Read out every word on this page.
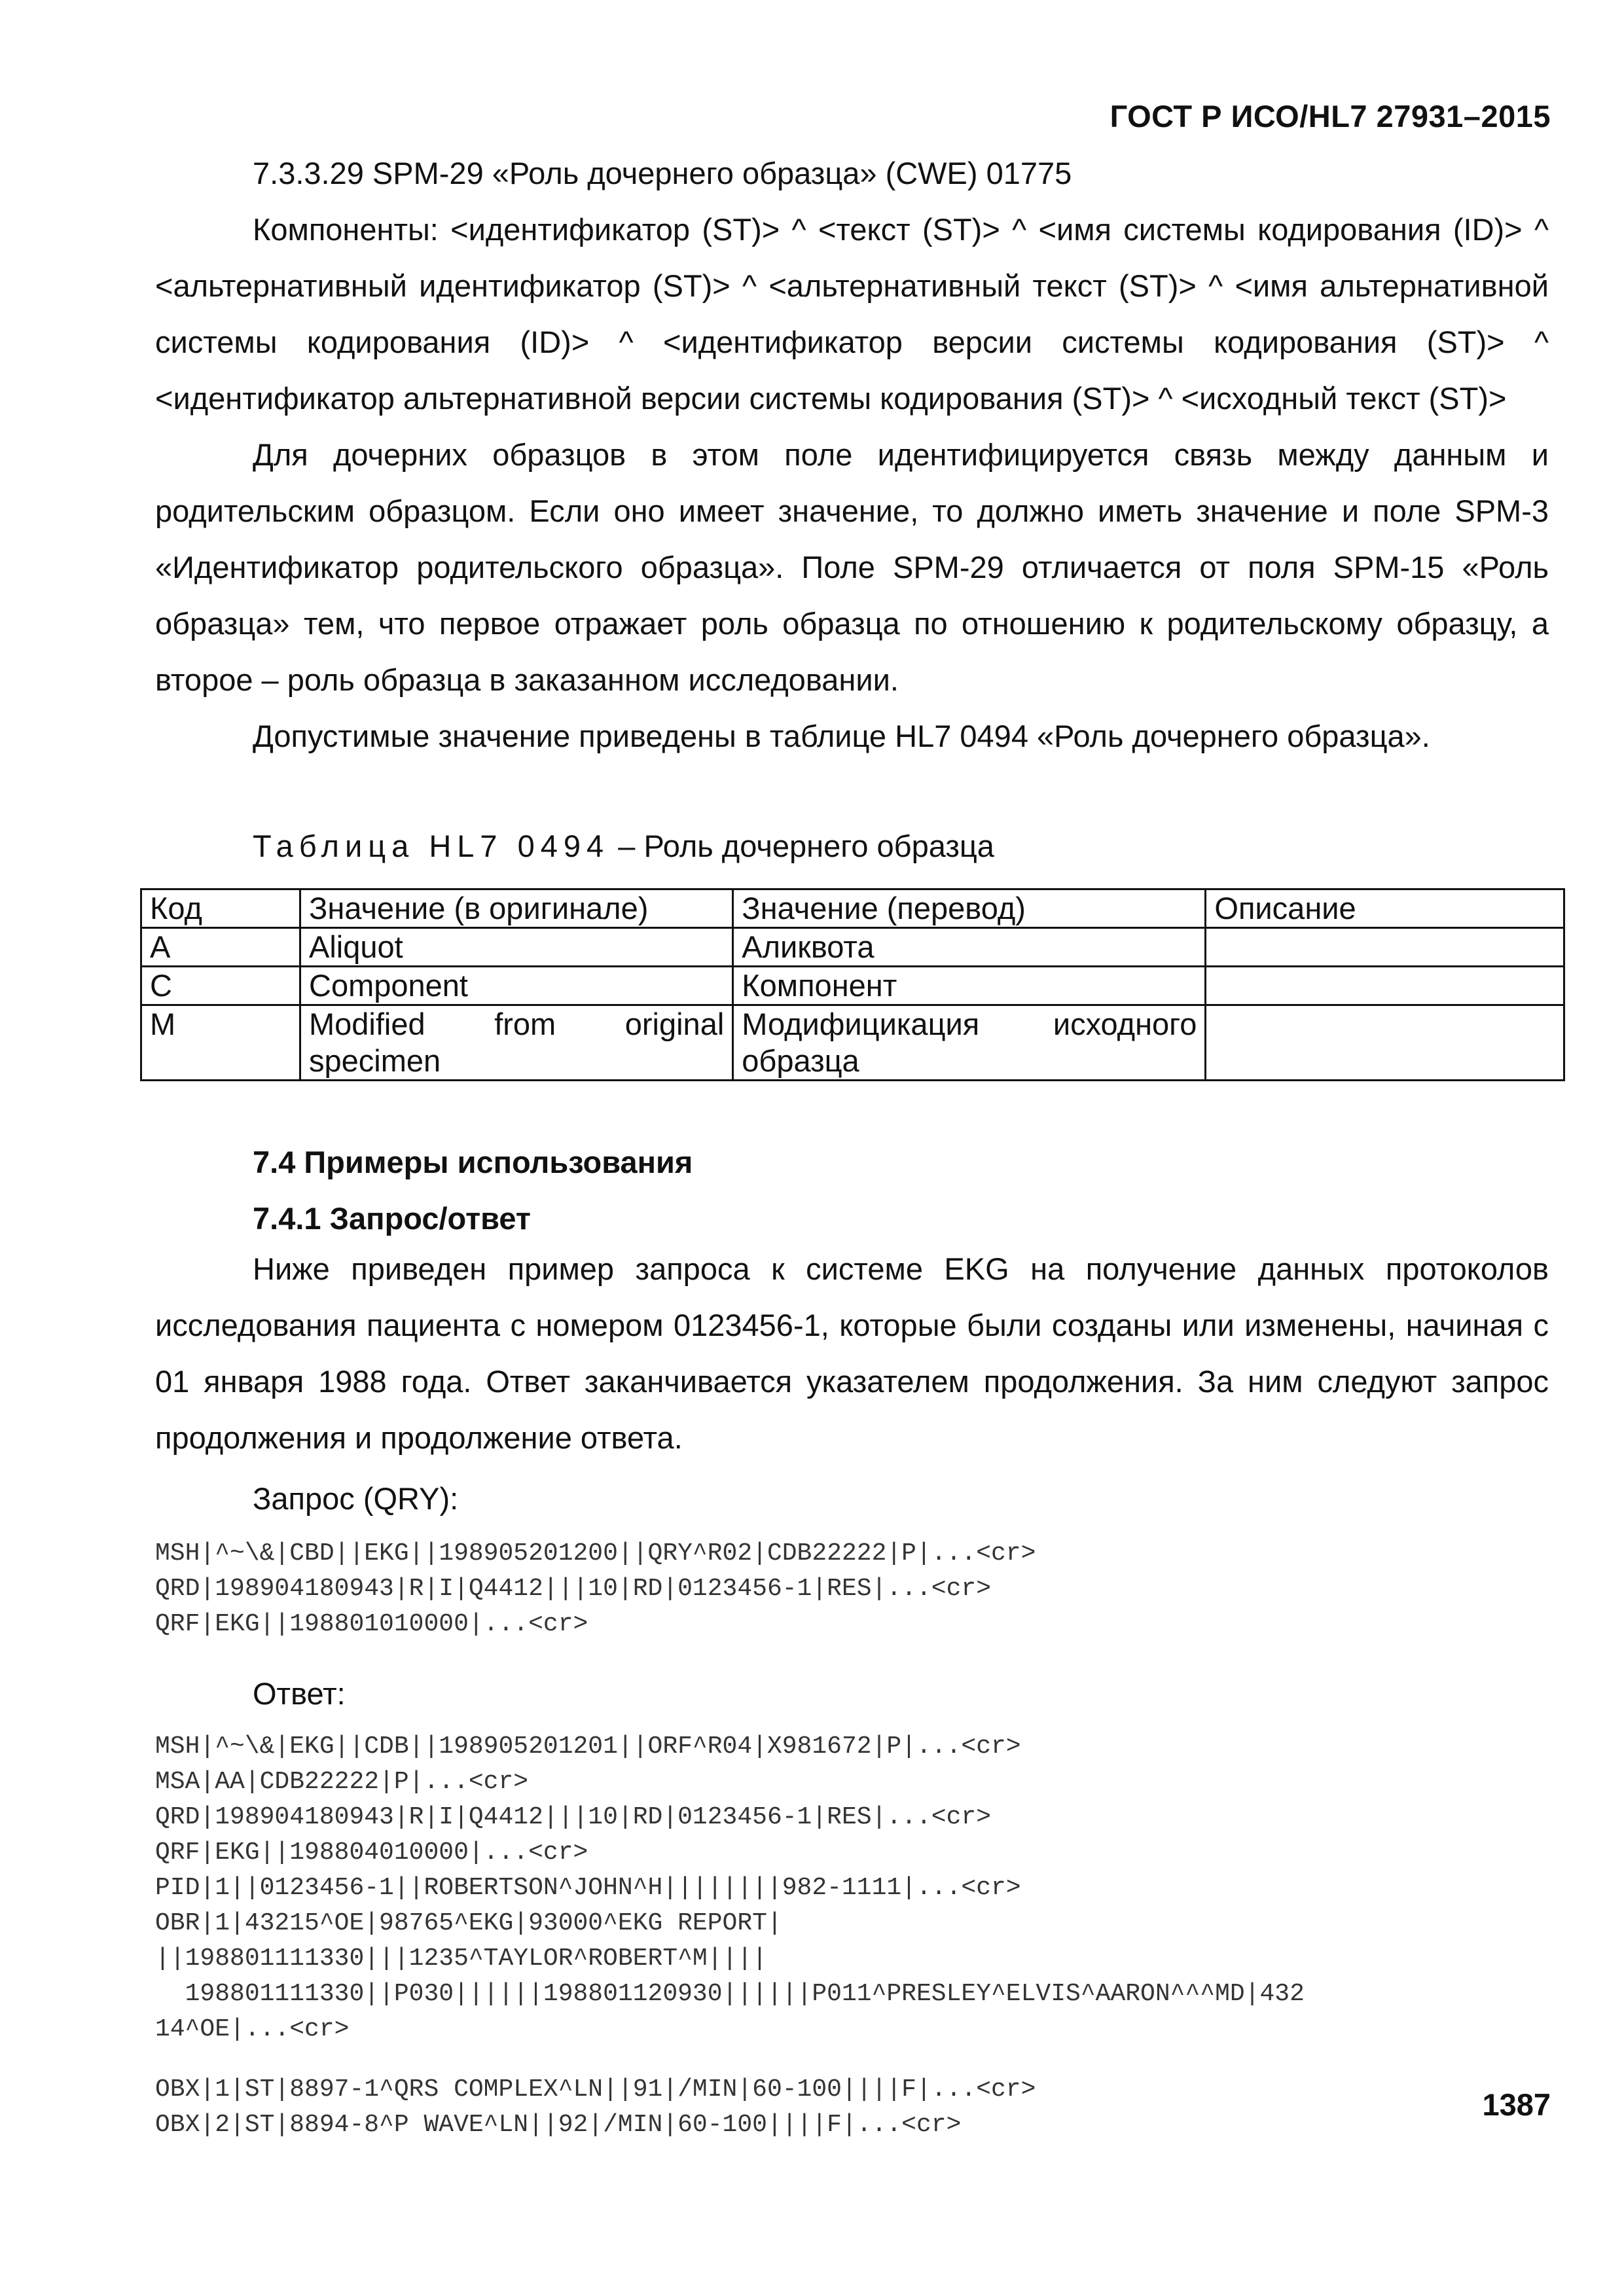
ГОСТ Р ИСО/HL7 27931–2015

7.3.3.29 SPM-29 «Роль дочернего образца» (CWE) 01775

Компоненты: <идентификатор (ST)> ^ <текст (ST)> ^ <имя системы кодирования (ID)> ^ <альтернативный идентификатор (ST)> ^ <альтернативный текст (ST)> ^ <имя альтернативной системы кодирования (ID)> ^ <идентификатор версии системы кодирования (ST)> ^ <идентификатор альтернативной версии системы кодирования (ST)> ^ <исходный текст (ST)>

Для дочерних образцов в этом поле идентифицируется связь между данным и родительским образцом. Если оно имеет значение, то должно иметь значение и поле SPM-3 «Идентификатор родительского образца». Поле SPM-29 отличается от поля SPM-15 «Роль образца» тем, что первое отражает роль образца по отношению к родительскому образцу, а второе – роль образца в заказанном исследовании.

Допустимые значение приведены в таблице HL7 0494 «Роль дочернего образца».

Таблица HL7 0494 – Роль дочернего образца
Код	Значение (в оригинале)	Значение (перевод)	Описание
A	Aliquot	Аликвота	
C	Component	Компонент	
M	Modified from original specimen	Модифицикация исходного образца	
7.4 Примеры использования
7.4.1 Запрос/ответ

Ниже приведен пример запроса к системе EKG на получение данных протоколов исследования пациента с номером 0123456-1, которые были созданы или изменены, начиная с 01 января 1988 года. Ответ заканчивается указателем продолжения. За ним следуют запрос продолжения и продолжение ответа.

Запрос (QRY):
MSH|^~\&|CBD||EKG||198905201200||QRY^R02|CDB22222|P|...<cr>
QRD|198904180943|R|I|Q4412|||10|RD|0123456-1|RES|...<cr>
QRF|EKG||198801010000|...<cr>
Ответ:
MSH|^~\&|EKG||CDB||198905201201||ORF^R04|X981672|P|...<cr>
MSA|AA|CDB22222|P|...<cr>
QRD|198904180943|R|I|Q4412|||10|RD|0123456-1|RES|...<cr>
QRF|EKG||198804010000|...<cr>
PID|1||0123456-1||ROBERTSON^JOHN^H||||||||982-1111|...<cr>
OBR|1|43215^OE|98765^EKG|93000^EKG REPORT|
||198801111330|||1235^TAYLOR^ROBERT^M||||
198801111330||P030||||||198801120930||||||P011^PRESLEY^ELVIS^AARON^^^MD|432
14^OE|...<cr>
OBX|1|ST|8897-1^QRS COMPLEX^LN||91|/MIN|60-100||||F|...<cr>
OBX|2|ST|8894-8^P WAVE^LN||92|/MIN|60-100||||F|...<cr>
1387
